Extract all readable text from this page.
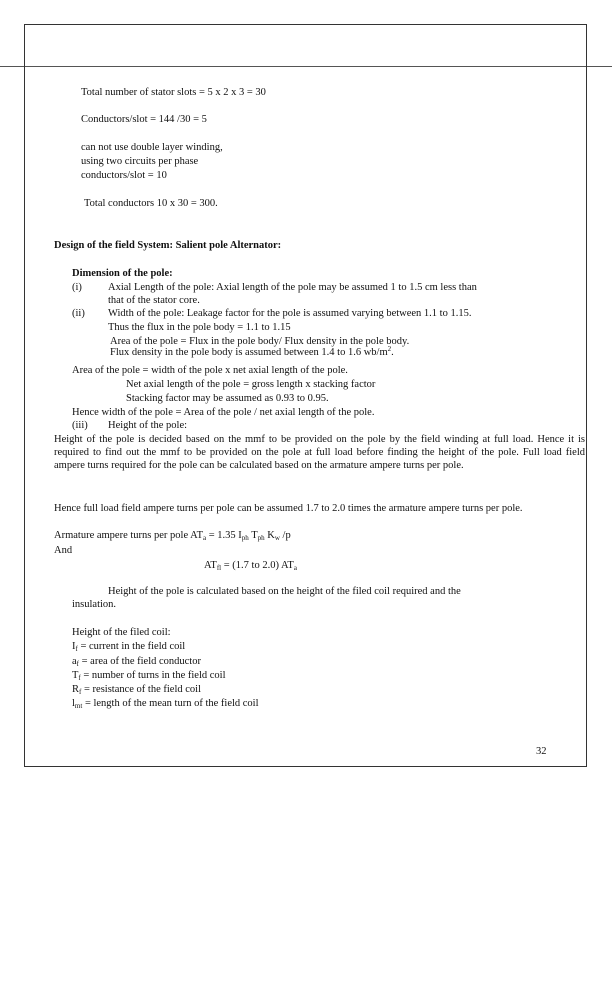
Total number of stator slots = 5 x 2 x 3 = 30
Conductors/slot = 144 /30 = 5
can not use double layer winding,
using two circuits per phase
conductors/slot = 10
Total conductors 10 x 30 = 300.
Design of the field System: Salient pole Alternator:
Dimension of the pole:
(i) Axial Length of the pole: Axial length of the pole may be assumed 1 to 1.5 cm less than
that of the stator core.
(ii) Width of the pole: Leakage factor for the pole is assumed varying between 1.1 to 1.15.
Thus the flux in the pole body = 1.1 to 1.15
Area of the pole = Flux in the pole body/ Flux density in the pole body.
Flux density in the pole body is assumed between 1.4 to 1.6 $wb/m^2$.
Area of the pole = width of the pole x net axial length of the pole.
Net axial length of the pole = gross length x stacking factor
Stacking factor may be assumed as 0.93 to 0.95.
Hence width of the pole = Area of the pole / net axial length of the pole.
(iii) Height of the pole:
Height of the pole is decided based on the mmf to be provided on the pole by the field winding at full load. Hence it is required to find out the mmf to be provided on the pole at full load before finding the height of the pole. Full load field ampere turns required for the pole can be calculated based on the armature ampere turns per pole.
Hence full load field ampere turns per pole can be assumed 1.7 to 2.0 times the armature ampere turns per pole.
Armature ampere turns per pole $AT_a = 1.35$ $I_{ph}$ $T_{ph}$ $K_w$ /p
And
$AT_{fl} = (1.7$ to 2.0) $AT_a$
Height of the pole is calculated based on the height of the filed coil required and the
insulation.
Height of the filed coil:
$I_f$ = current in the field coil
$a_f$ = area of the field conductor
$T_f$ = number of turns in the field coil
$R_f$ = resistance of the field coil
$l_{mt}$ = length of the mean turn of the field coil
32
